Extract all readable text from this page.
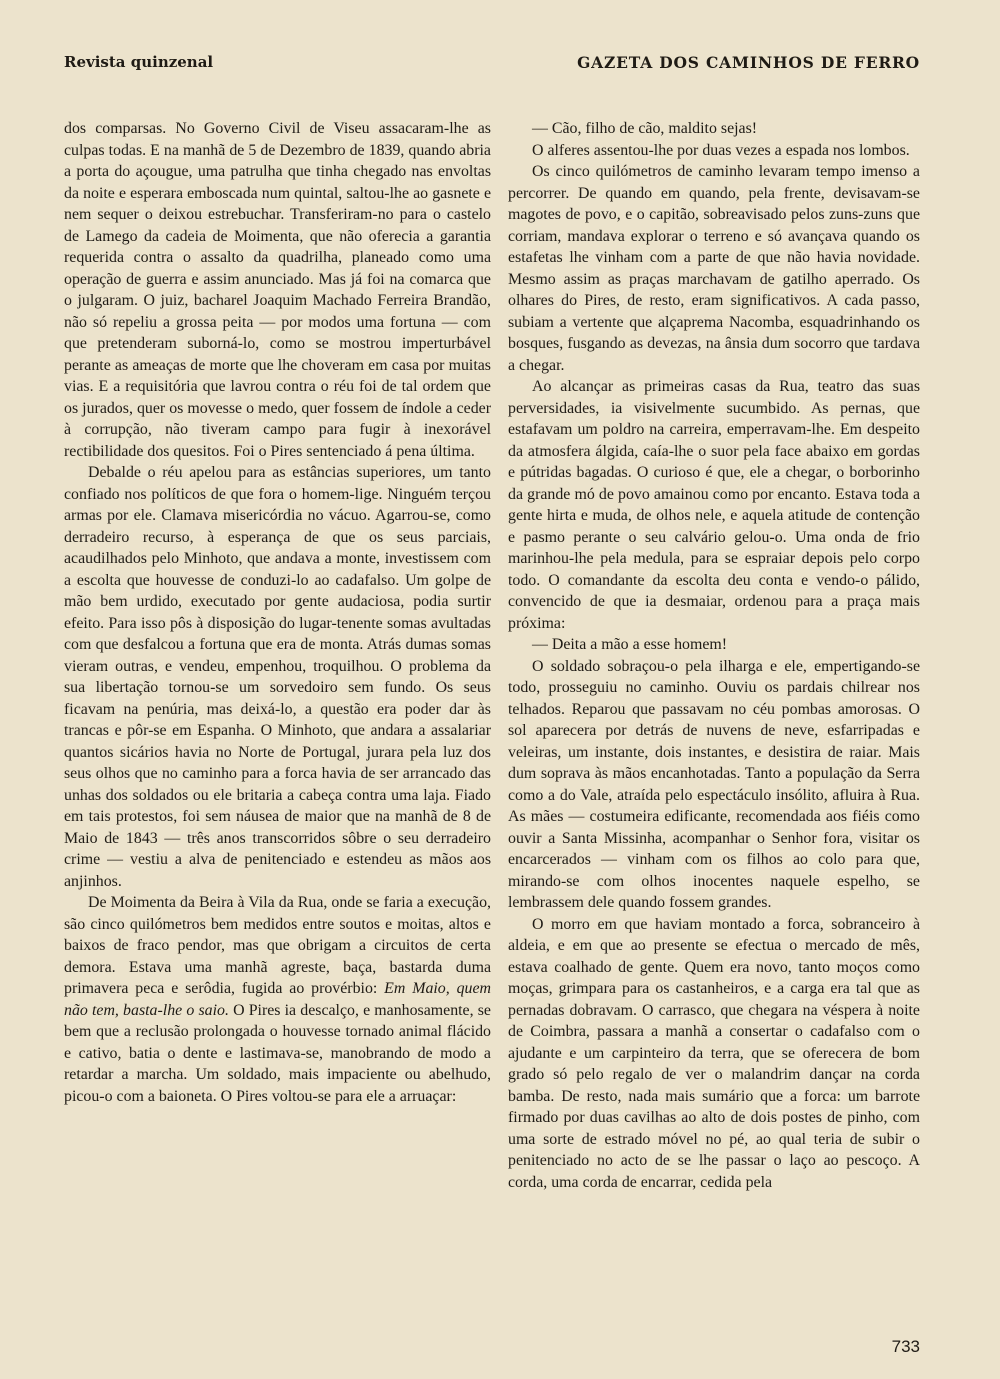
Revista quinzenal	GAZETA DOS CAMINHOS DE FERRO

dos comparsas. No Governo Civil de Viseu assacaram-lhe as culpas todas. E na manhã de 5 de Dezembro de 1839, quando abria a porta do açougue, uma patrulha que tinha chegado nas envoltas da noite e esperara emboscada num quintal, saltou-lhe ao gasnete e nem sequer o deixou estrebuchar. Transferiram-no para o castelo de Lamego da cadeia de Moimenta, que não oferecia a garantia requerida contra o assalto da quadrilha, planeado como uma operação de guerra e assim anunciado. Mas já foi na comarca que o julgaram. O juiz, bacharel Joaquim Machado Ferreira Brandão, não só repeliu a grossa peita — por modos uma fortuna — com que pretenderam suborná-lo, como se mostrou imperturbável perante as ameaças de morte que lhe choveram em casa por muitas vias. E a requisitória que lavrou contra o réu foi de tal ordem que os jurados, quer os movesse o medo, quer fossem de índole a ceder à corrupção, não tiveram campo para fugir à inexorável rectibilidade dos quesitos. Foi o Pires sentenciado á pena última.

Debalde o réu apelou para as estâncias superiores, um tanto confiado nos políticos de que fora o homem-lige. Ninguém terçou armas por ele. Clamava misericórdia no vácuo. Agarrou-se, como derradeiro recurso, à esperança de que os seus parciais, acaudilhados pelo Minhoto, que andava a monte, investissem com a escolta que houvesse de conduzi-lo ao cadafalso. Um golpe de mão bem urdido, executado por gente audaciosa, podia surtir efeito. Para isso pôs à disposição do lugar-tenente somas avultadas com que desfalcou a fortuna que era de monta. Atrás dumas somas vieram outras, e vendeu, empenhou, troquilhou. O problema da sua libertação tornou-se um sorvedoiro sem fundo. Os seus ficavam na penúria, mas deixá-lo, a questão era poder dar às trancas e pôr-se em Espanha. O Minhoto, que andara a assalariar quantos sicários havia no Norte de Portugal, jurara pela luz dos seus olhos que no caminho para a forca havia de ser arrancado das unhas dos soldados ou ele britaria a cabeça contra uma laja. Fiado em tais protestos, foi sem náusea de maior que na manhã de 8 de Maio de 1843 — três anos transcorridos sôbre o seu derradeiro crime — vestiu a alva de penitenciado e estendeu as mãos aos anjinhos.

De Moimenta da Beira à Vila da Rua, onde se faria a execução, são cinco quilómetros bem medidos entre soutos e moitas, altos e baixos de fraco pendor, mas que obrigam a circuitos de certa demora. Estava uma manhã agreste, baça, bastarda duma primavera peca e serôdia, fugida ao provérbio: Em Maio, quem não tem, basta-lhe o saio. O Pires ia descalço, e manhosamente, se bem que a reclusão prolongada o houvesse tornado animal flácido e cativo, batia o dente e lastimava-se, manobrando de modo a retardar a marcha. Um soldado, mais impaciente ou abelhudo, picou-o com a baioneta. O Pires voltou-se para ele a arruaçar:

— Cão, filho de cão, maldito sejas!

O alferes assentou-lhe por duas vezes a espada nos lombos.

Os cinco quilómetros de caminho levaram tempo imenso a percorrer. De quando em quando, pela frente, devisavam-se magotes de povo, e o capitão, sobreavisado pelos zuns-zuns que corriam, mandava explorar o terreno e só avançava quando os estafetas lhe vinham com a parte de que não havia novidade. Mesmo assim as praças marchavam de gatilho aperrado. Os olhares do Pires, de resto, eram significativos. A cada passo, subiam a vertente que alçaprema Nacomba, esquadrinhando os bosques, fusgando as devezas, na ânsia dum socorro que tardava a chegar.

Ao alcançar as primeiras casas da Rua, teatro das suas perversidades, ia visivelmente sucumbido. As pernas, que estafavam um poldro na carreira, emperravam-lhe. Em despeito da atmosfera álgida, caía-lhe o suor pela face abaixo em gordas e pútridas bagadas. O curioso é que, ele a chegar, o borborinho da grande mó de povo amainou como por encanto. Estava toda a gente hirta e muda, de olhos nele, e aquela atitude de contenção e pasmo perante o seu calvário gelou-o. Uma onda de frio marinhou-lhe pela medula, para se espraiar depois pelo corpo todo. O comandante da escolta deu conta e vendo-o pálido, convencido de que ia desmaiar, ordenou para a praça mais próxima:

— Deita a mão a esse homem!

O soldado sobraçou-o pela ilharga e ele, empertigando-se todo, prosseguiu no caminho. Ouviu os pardais chilrear nos telhados. Reparou que passavam no céu pombas amorosas. O sol aparecera por detrás de nuvens de neve, esfarripadas e veleiras, um instante, dois instantes, e desistira de raiar. Mais dum soprava às mãos encanhotadas. Tanto a população da Serra como a do Vale, atraída pelo espectáculo insólito, afluira à Rua. As mães — costumeira edificante, recomendada aos fiéis como ouvir a Santa Missinha, acompanhar o Senhor fora, visitar os encarcerados — vinham com os filhos ao colo para que, mirando-se com olhos inocentes naquele espelho, se lembrassem dele quando fossem grandes.

O morro em que haviam montado a forca, sobranceiro à aldeia, e em que ao presente se efectua o mercado de mês, estava coalhado de gente. Quem era novo, tanto moços como moças, grimpara para os castanheiros, e a carga era tal que as pernadas dobravam. O carrasco, que chegara na véspera à noite de Coimbra, passara a manhã a consertar o cadafalso com o ajudante e um carpinteiro da terra, que se oferecera de bom grado só pelo regalo de ver o malandrim dançar na corda bamba. De resto, nada mais sumário que a forca: um barrote firmado por duas cavilhas ao alto de dois postes de pinho, com uma sorte de estrado móvel no pé, ao qual teria de subir o penitenciado no acto de se lhe passar o laço ao pescoço. A corda, uma corda de encarrar, cedida pela

733
